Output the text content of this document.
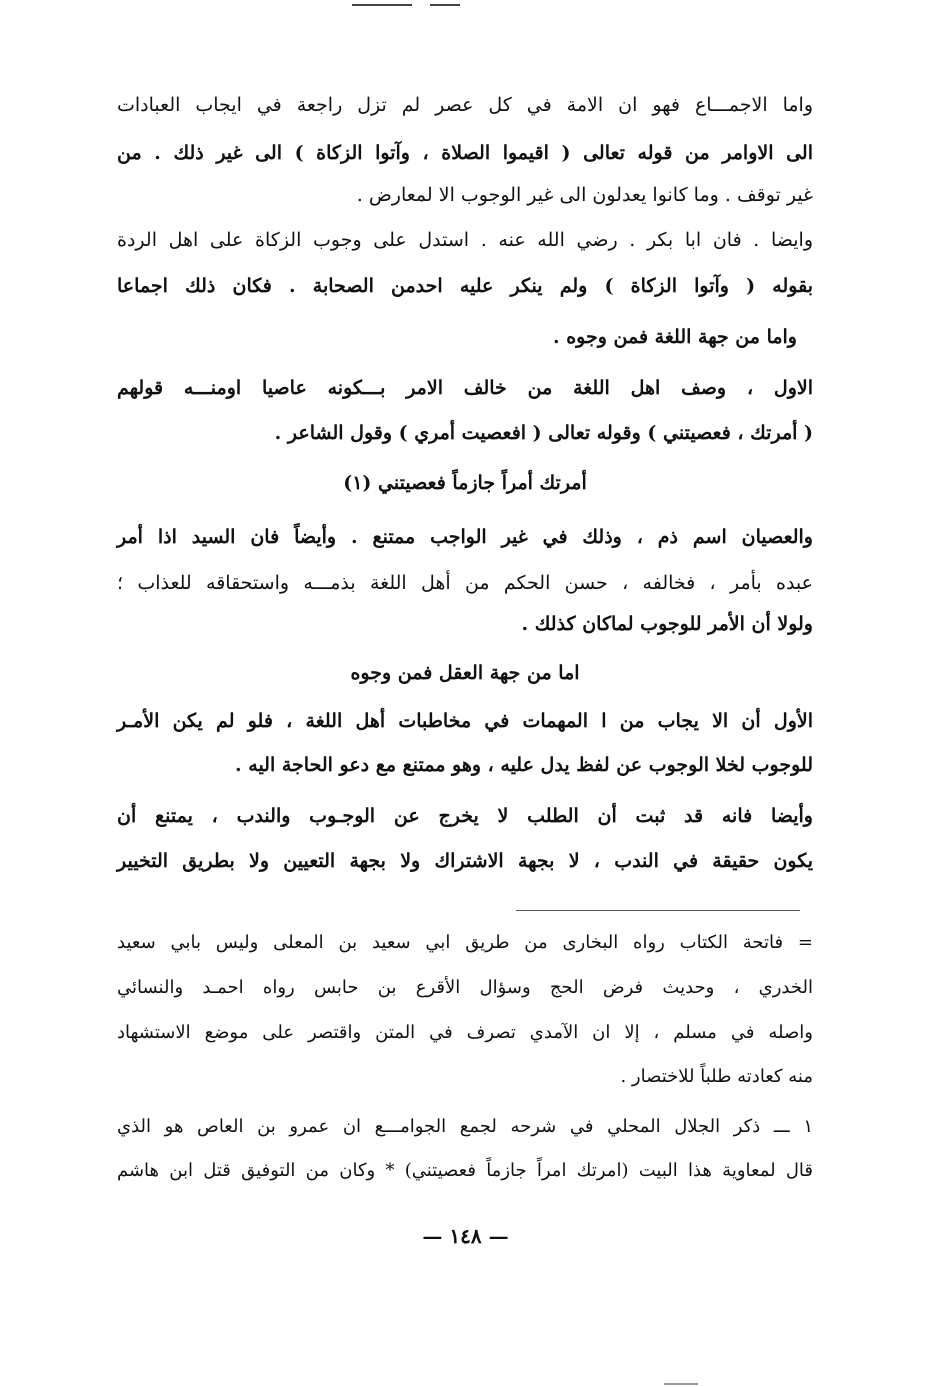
واما الاجمـــاع فهو ان الامة في كل عصر لم تزل راجعة في ايجاب العبادات
الى الاوامر من قوله تعالى ( اقيموا الصلاة ، وآتوا الزكاة ) الى غير ذلك . من
غير توقف . وما كانوا يعدلون الى غير الوجوب الا لمعارض .
وايضا . فان ابا بكر . رضي الله عنه . استدل على وجوب الزكاة على اهل الردة
بقوله ( وآتوا الزكاة ) ولم ينكر عليه احدمن الصحابة . فكان ذلك اجماعا
واما من جهة اللغة فمن وجوه .
الاول ، وصف اهل اللغة من خالف الامر بـــكونه عاصيا اومنـــه قولهم
( أمرتك ، فعصيتني ) وقوله تعالى ( افعصيت أمري ) وقول الشاعر .
أمرتك أمراً جازماً فعصيتني (١)
والعصيان اسم ذم ، وذلك في غير الواجب ممتنع . وأيضاً فان السيد اذا أمر
عبده بأمر ، فخالفه ، حسن الحكم من أهل اللغة بذمـــه واستحقاقه للعذاب ؛
ولولا أن الأمر للوجوب لماكان كذلك .
اما من جهة العقل فمن وجوه
الأول أن الا يجاب من ا المهمات في مخاطبات أهل اللغة ، فلو لم يكن الأمـر
للوجوب لخلا الوجوب عن لفظ يدل عليه ، وهو ممتنع مع دعو الحاجة اليه .
وأيضا فانه قد ثبت أن الطلب لا يخرج عن الوجـوب والندب ، يمتنع أن
يكون حقيقة في الندب ، لا بجهة الاشتراك ولا بجهة التعيين ولا بطريق التخيير
= فاتحة الكتاب رواه البخارى من طريق ابي سعيد بن المعلى وليس بابي سعيد
الخدري ، وحديث فرض الحج وسؤال الأقرع بن حابس رواه احمـد والنسائي
واصله في مسلم ، إلا ان الآمدي تصرف في المتن واقتصر على موضع الاستشهاد
منه كعادته طلباً للاختصار .
١ ـــ ذكر الجلال المحلي في شرحه لجمع الجوامـــع ان عمرو بن العاص هو الذي
قال لمعاوية هذا البيت (امرتك امراً جازماً فعصيتني) * وكان من التوفيق قتل ابن هاشم
— ١٤٨ —
